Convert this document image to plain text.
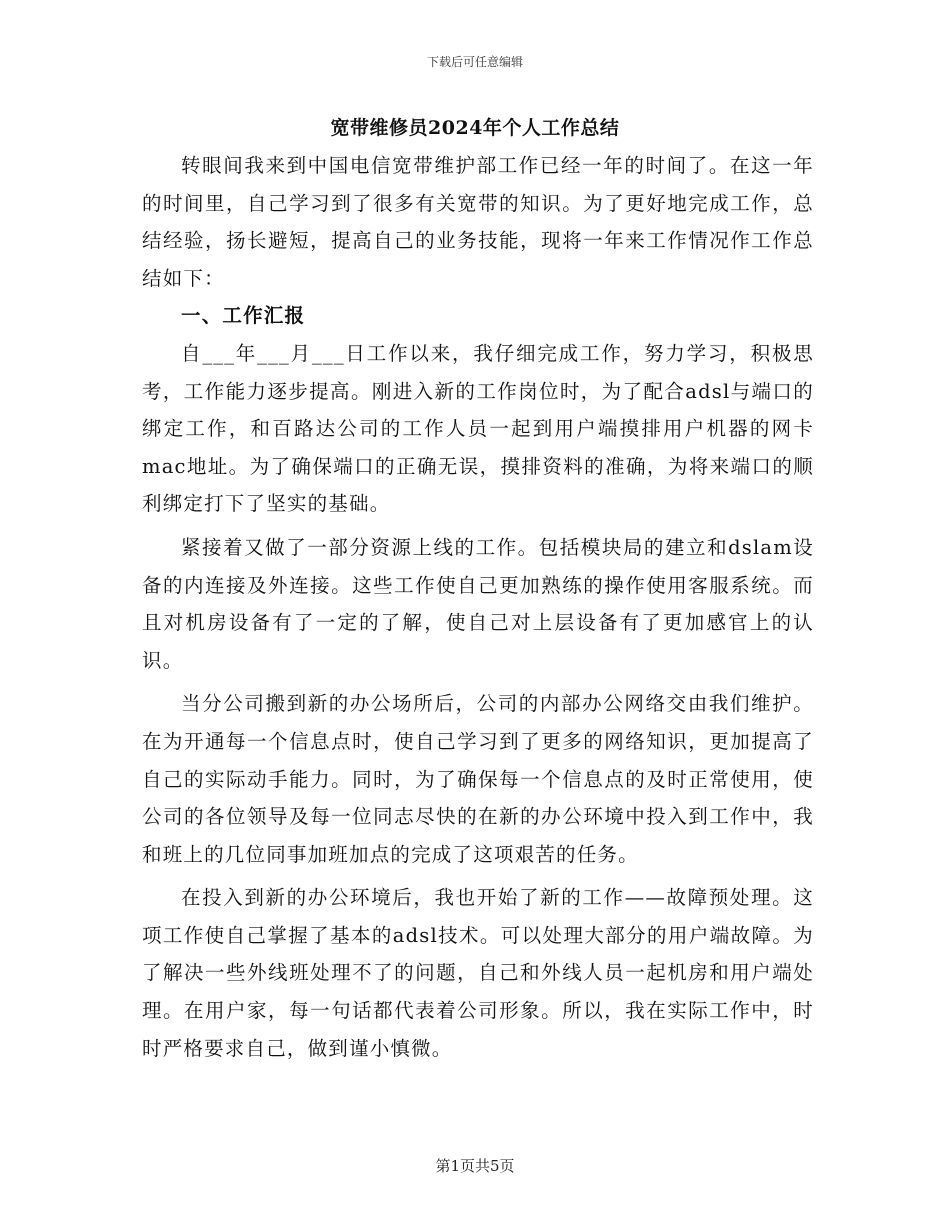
下载后可任意编辑
宽带维修员2024年个人工作总结

转眼间我来到中国电信宽带维护部工作已经一年的时间了。在这一年的时间里，自己学习到了很多有关宽带的知识。为了更好地完成工作，总结经验，扬长避短，提高自己的业务技能，现将一年来工作情况作工作总结如下：

一、工作汇报

自___年___月___日工作以来，我仔细完成工作，努力学习，积极思考，工作能力逐步提高。刚进入新的工作岗位时，为了配合adsl与端口的绑定工作，和百路达公司的工作人员一起到用户端摸排用户机器的网卡mac地址。为了确保端口的正确无误，摸排资料的准确，为将来端口的顺利绑定打下了坚实的基础。

紧接着又做了一部分资源上线的工作。包括模块局的建立和dslam设备的内连接及外连接。这些工作使自己更加熟练的操作使用客服系统。而且对机房设备有了一定的了解，使自己对上层设备有了更加感官上的认识。

当分公司搬到新的办公场所后，公司的内部办公网络交由我们维护。在为开通每一个信息点时，使自己学习到了更多的网络知识，更加提高了自己的实际动手能力。同时，为了确保每一个信息点的及时正常使用，使公司的各位领导及每一位同志尽快的在新的办公环境中投入到工作中，我和班上的几位同事加班加点的完成了这项艰苦的任务。

在投入到新的办公环境后，我也开始了新的工作——故障预处理。这项工作使自己掌握了基本的adsl技术。可以处理大部分的用户端故障。为了解决一些外线班处理不了的问题，自己和外线人员一起机房和用户端处理。在用户家，每一句话都代表着公司形象。所以，我在实际工作中，时时严格要求自己，做到谨小慎微。

第1页共5页
